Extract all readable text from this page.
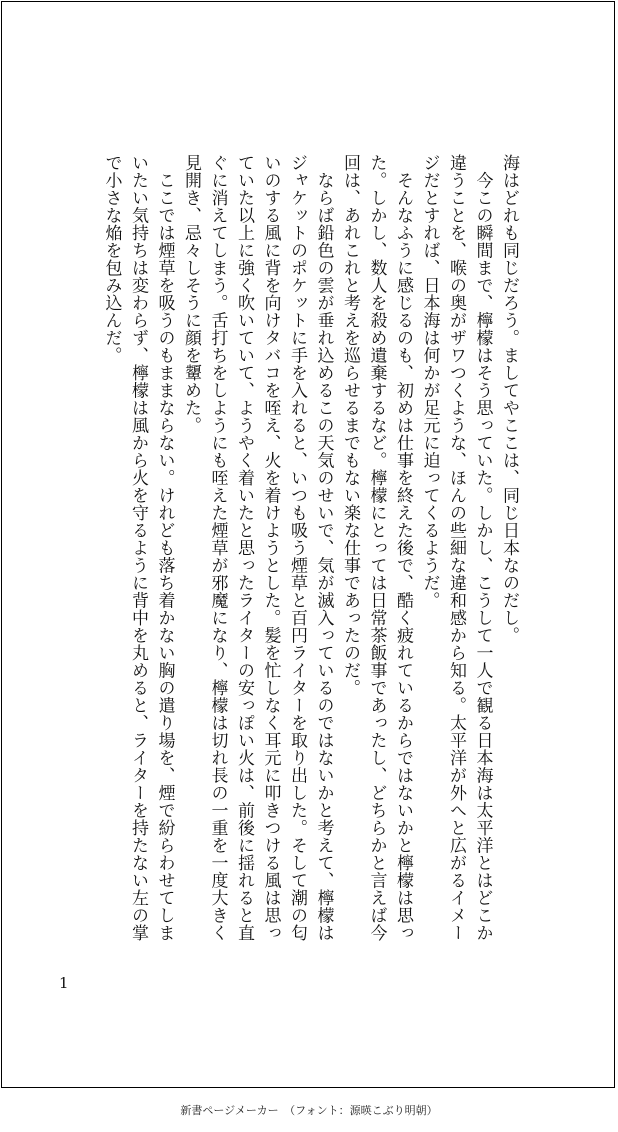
海はどれも同じだろう。ましてやここは、同じ日本なのだし。
　今この瞬間まで、檸檬はそう思っていた。しかし、こうして一人で観る日本海は太平洋とはどこか違うことを、喉の奥がザワつくような、ほんの些細な違和感から知る。太平洋が外へと広がるイメージだとすれば、日本海は何かが足元に迫ってくるようだ。
　そんなふうに感じるのも、初めは仕事を終えた後で、酷く疲れているからではないかと檸檬は思った。しかし、数人を殺め遺棄するなど。檸檬にとっては日常茶飯事であったし、どちらかと言えば今回は、あれこれと考えを巡らせるまでもない楽な仕事であったのだ。
　ならば鉛色の雲が垂れ込めるこの天気のせいで、気が滅入っているのではないかと考えて、檸檬はジャケットのポケットに手を入れると、いつも吸う煙草と百円ライターを取り出した。そして潮の匂いのする風に背を向けタバコを咥え、火を着けようとした。髪を忙しなく耳元に叩きつける風は思っていた以上に強く吹いていて、ようやく着いたと思ったライターの安っぽい火は、前後に揺れると直ぐに消えてしまう。舌打ちをしようにも咥えた煙草が邪魔になり、檸檬は切れ長の一重を一度大きく見開き、忌々しそうに顔を顰めた。
　ここでは煙草を吸うのもままならない。けれども落ち着かない胸の遣り場を、煙で紛らわせてしまいたい気持ちは変わらず、檸檬は風から火を守るように背中を丸めると、ライターを持たない左の掌で小さな焔を包み込んだ。
1
新書ページメーカー　（フォント：源暎こぶり明朝）
